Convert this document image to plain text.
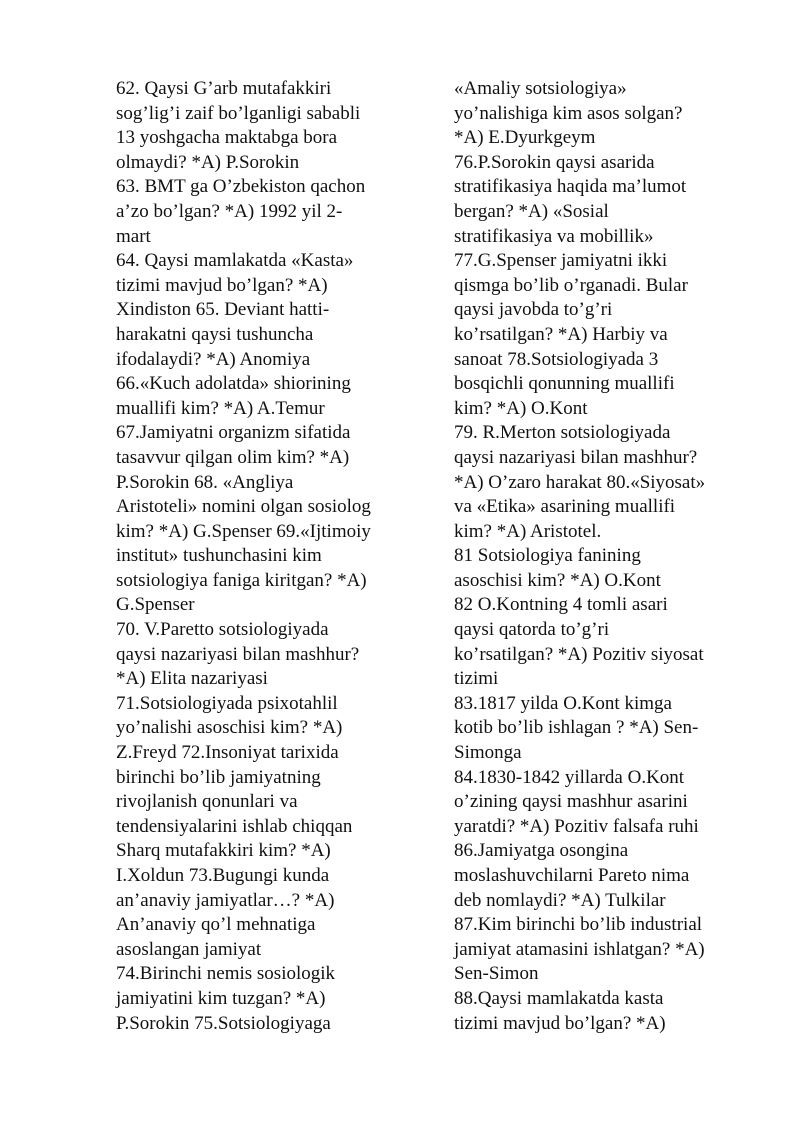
62. Qaysi G’arb mutafakkiri
sog’lig’i zaif bo’lganligi sababli
13 yoshgacha maktabga bora
olmaydi? *A) P.Sorokin
63. BMT ga O’zbekiston qachon
a’zo bo’lgan? *A) 1992 yil 2-
mart
64. Qaysi mamlakatda «Kasta»
tizimi mavjud bo’lgan? *A)
Xindiston 65. Deviant hatti-
harakatni qaysi tushuncha
ifodalaydi? *A) Anomiya
66.«Kuch adolatda» shiorining
muallifi kim? *A) A.Temur
67.Jamiyatni organizm sifatida
tasavvur qilgan olim kim? *A)
P.Sorokin 68. «Angliya
Aristoteli» nomini olgan sosiolog
kim? *A) G.Spenser 69.«Ijtimoiy
institut» tushunchasini kim
sotsiologiya faniga kiritgan? *A)
G.Spenser
70. V.Paretto sotsiologiyada
qaysi nazariyasi bilan mashhur?
*A) Elita nazariyasi
71.Sotsiologiyada psixotahlil
yo’nalishi asoschisi kim? *A)
Z.Freyd 72.Insoniyat tarixida
birinchi bo’lib jamiyatning
rivojlanish qonunlari va
tendensiyalarini ishlab chiqqan
Sharq mutafakkiri kim? *A)
I.Xoldun 73.Bugungi kunda
an’anaviy jamiyatlar…? *A)
An’anaviy qo’l mehnatiga
asoslangan jamiyat
74.Birinchi nemis sosiologik
jamiyatini kim tuzgan? *A)
P.Sorokin 75.Sotsiologiyaga
«Amaliy sotsiologiya»
yo’nalishiga kim asos solgan?
*A) E.Dyurkgeym
76.P.Sorokin qaysi asarida
stratifikasiya haqida ma’lumot
bergan? *A) «Sosial
stratifikasiya va mobillik»
77.G.Spenser jamiyatni ikki
qismga bo’lib o’rganadi. Bular
qaysi javobda to’g’ri
ko’rsatilgan? *A) Harbiy va
sanoat 78.Sotsiologiyada 3
bosqichli qonunning muallifi
kim? *A) O.Kont
79. R.Merton sotsiologiyada
qaysi nazariyasi bilan mashhur?
*A) O’zaro harakat 80.«Siyosat»
va «Etika» asarining muallifi
kim? *A) Aristotel.
81 Sotsiologiya fanining
asoschisi kim? *A) O.Kont
82 O.Kontning 4 tomli asari
qaysi qatorda to’g’ri
ko’rsatilgan? *A) Pozitiv siyosat
tizimi
83.1817 yilda O.Kont kimga
kotib bo’lib ishlagan ? *A) Sen-
Simonga
84.1830-1842 yillarda O.Kont
o’zining qaysi mashhur asarini
yaratdi? *A) Pozitiv falsafa ruhi
86.Jamiyatga osongina
moslashuvchilarni Pareto nima
deb nomlaydi? *A) Tulkilar
87.Kim birinchi bo’lib industrial
jamiyat atamasini ishlatgan? *A)
Sen-Simon
88.Qaysi mamlakatda kasta
tizimi mavjud bo’lgan? *A)
